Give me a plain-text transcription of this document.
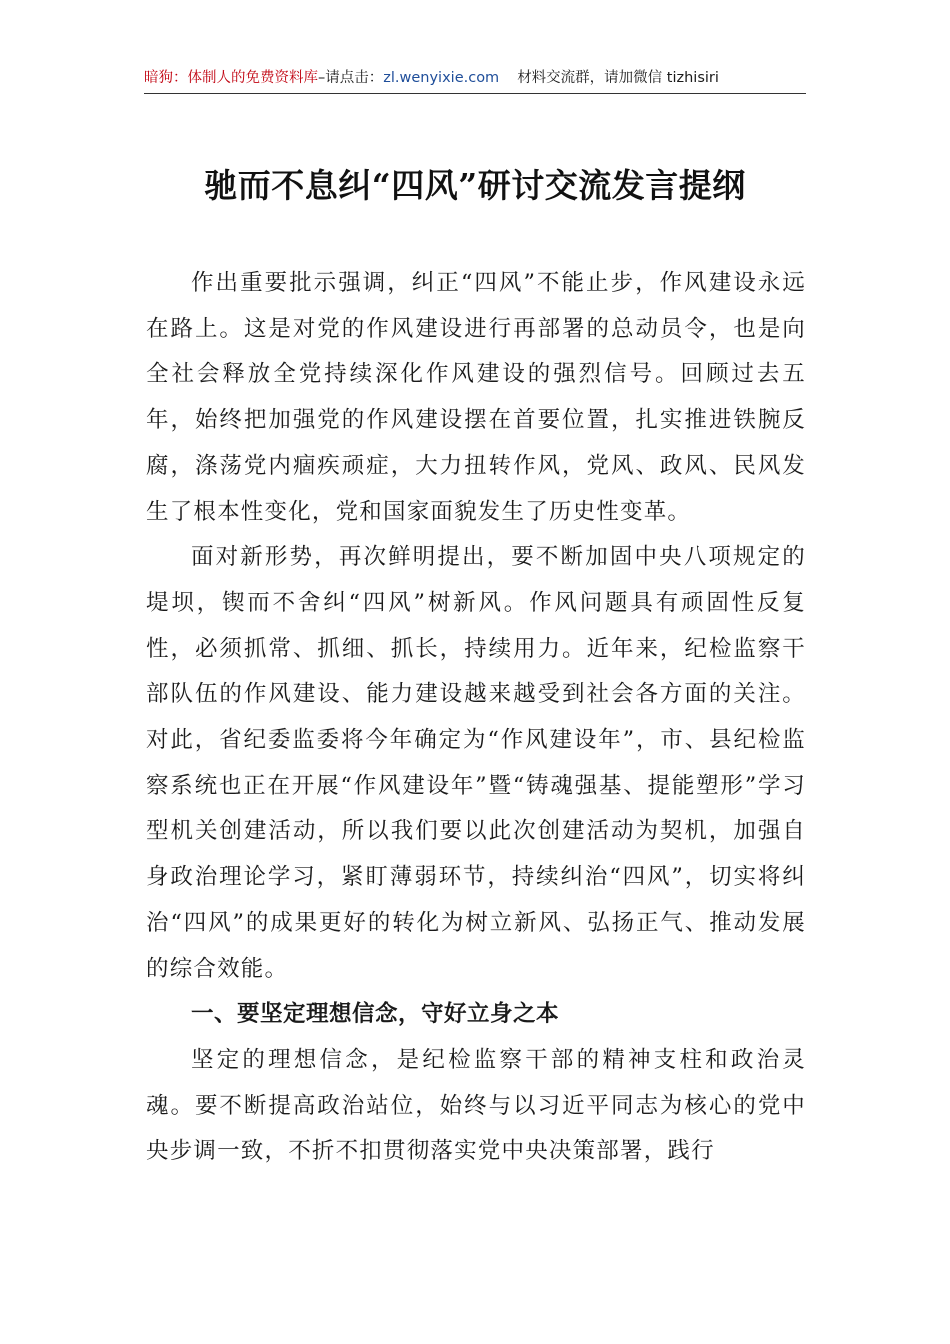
暗狗：体制人的免费资料库–请点击：zl.wenyixie.com 材料交流群，请加微信 tizhisiri
驰而不息纠“四风”研讨交流发言提纲

作出重要批示强调，纠正“四风”不能止步，作风建设永远在路上。这是对党的作风建设进行再部署的总动员令，也是向全社会释放全党持续深化作风建设的强烈信号。回顾过去五年，始终把加强党的作风建设摆在首要位置，扎实推进铁腕反腐，涤荡党内痼疾顽症，大力扭转作风，党风、政风、民风发生了根本性变化，党和国家面貌发生了历史性变革。

面对新形势，再次鲜明提出，要不断加固中央八项规定的堤坝，锲而不舍纠“四风”树新风。作风问题具有顽固性反复性，必须抓常、抓细、抓长，持续用力。近年来，纪检监察干部队伍的作风建设、能力建设越来越受到社会各方面的关注。对此，省纪委监委将今年确定为“作风建设年”，市、县纪检监察系统也正在开展“作风建设年”暨“铸魂强基、提能塑形”学习型机关创建活动，所以我们要以此次创建活动为契机，加强自身政治理论学习，紧盯薄弱环节，持续纠治“四风”，切实将纠治“四风”的成果更好的转化为树立新风、弘扬正气、推动发展的综合效能。

一、要坚定理想信念，守好立身之本

坚定的理想信念，是纪检监察干部的精神支柱和政治灵魂。要不断提高政治站位，始终与以习近平同志为核心的党中央步调一致，不折不扣贯彻落实党中央决策部署，践行
